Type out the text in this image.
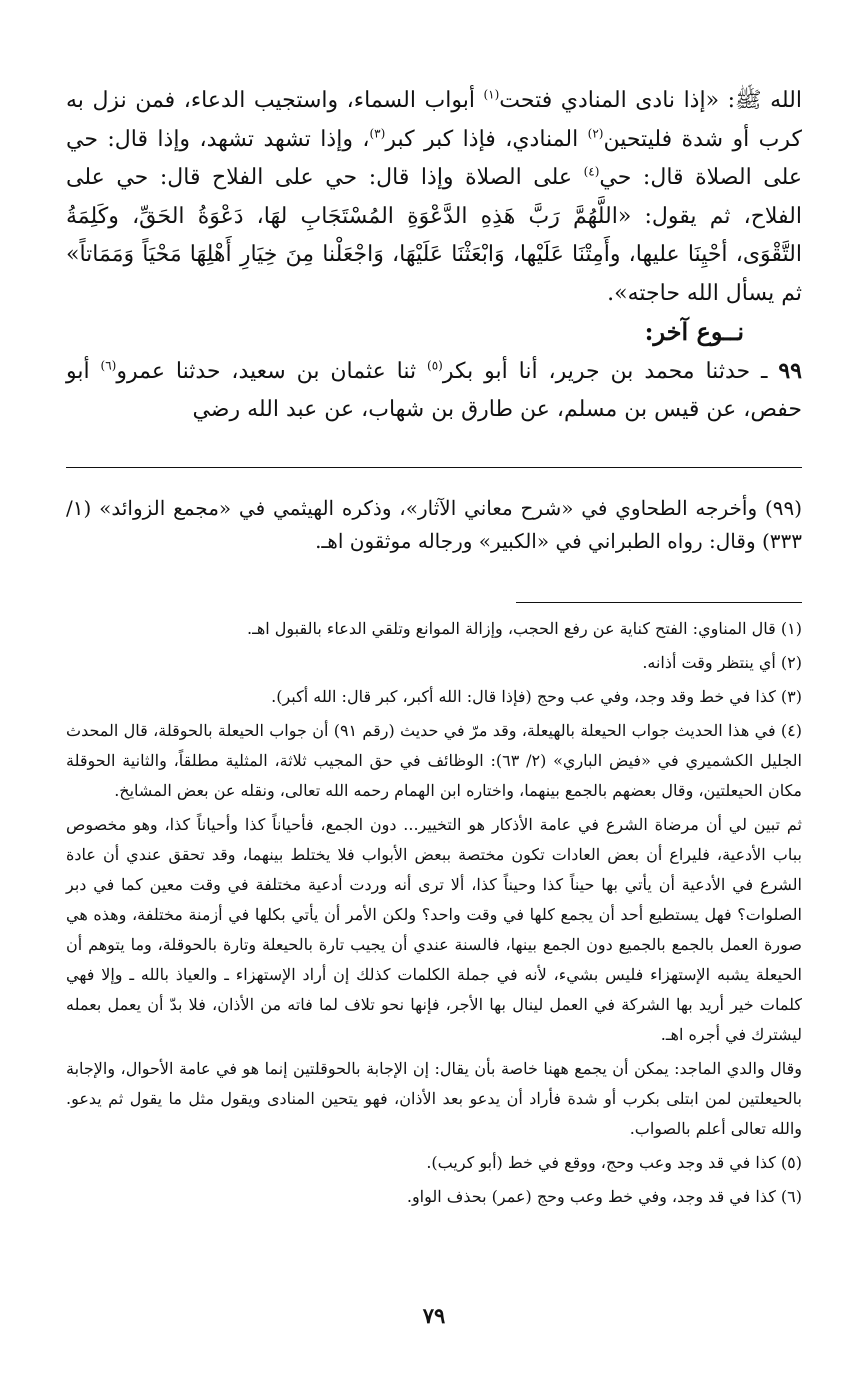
الله ﷺ: «إذا نادى المنادي فتحت$^{(١)}$ أبواب السماء، واستجيب الدعاء، فمن نزل به كرب أو شدة فليتحين$^{(٢)}$ المنادي، فإذا كبر كبر$^{(٣)}$، وإذا تشهد تشهد، وإذا قال: حي على الصلاة قال: حي$^{(٤)}$ على الصلاة وإذا قال: حي على الفلاح قال: حي على الفلاح، ثم يقول: «اللَّهُمَّ رَبَّ هَذِهِ الدَّعْوَةِ المُسْتَجَابِ لهَا، دَعْوَةُ الحَقِّ، وكَلِمَةُ التَّقْوَى، أحْيِنَا عليها، وأَمِتْنَا عَلَيْها، وَابْعَثْنَا عَلَيْهَا، وَاجْعَلْنا مِنَ خِيَارِ أَهْلِهَا مَحْيَاً وَمَمَاتاً» ثم يسأل الله حاجته».

نــوع آخر:

٩٩ ـ حدثنا محمد بن جرير، أنا أبو بكر$^{(٥)}$ ثنا عثمان بن سعيد، حدثنا عمرو$^{(٦)}$ أبو حفص، عن قيس بن مسلم، عن طارق بن شهاب، عن عبد الله رضي

(٩٩) وأخرجه الطحاوي في «شرح معاني الآثار»، وذكره الهيثمي في «مجمع الزوائد» (١/ ٣٣٣) وقال: رواه الطبراني في «الكبير» ورجاله موثقون اهـ.

(١) قال المناوي: الفتح كناية عن رفع الحجب، وإزالة الموانع وتلقي الدعاء بالقبول اهـ.

(٢) أي ينتظر وقت أذانه.

(٣) كذا في خط وقد وجد، وفي عب وحج (فإذا قال: الله أكبر، كبر قال: الله أكبر).

(٤) في هذا الحديث جواب الحيعلة بالهيعلة، وقد مرّ في حديث (رقم ٩١) أن جواب الحيعلة بالحوقلة، قال المحدث الجليل الكشميري في «فيض الباري» (٢/ ٦٣): الوظائف في حق المجيب ثلاثة، المثلية مطلقاً، والثانية الحوقلة مكان الحيعلتين، وقال بعضهم بالجمع بينهما، واختاره ابن الهمام رحمه الله تعالى، ونقله عن بعض المشايخ.

ثم تبين لي أن مرضاة الشرع في عامة الأذكار هو التخيير... دون الجمع، فأحياناً كذا وأحياناً كذا، وهو مخصوص بباب الأدعية، فليراع أن بعض العادات تكون مختصة ببعض الأبواب فلا يختلط بينهما، وقد تحقق عندي أن عادة الشرع في الأدعية أن يأتي بها حيناً كذا وحيناً كذا، ألا ترى أنه وردت أدعية مختلفة في وقت معين كما في دبر الصلوات؟ فهل يستطيع أحد أن يجمع كلها في وقت واحد؟ ولكن الأمر أن يأتي بكلها في أزمنة مختلفة، وهذه هي صورة العمل بالجمع بالجميع دون الجمع بينها، فالسنة عندي أن يجيب تارة بالحيعلة وتارة بالحوقلة، وما يتوهم أن الحيعلة يشبه الإستهزاء فليس بشيء، لأنه في جملة الكلمات كذلك إن أراد الإستهزاء ـ والعياذ بالله ـ وإلا فهي كلمات خير أريد بها الشركة في العمل لينال بها الأجر، فإنها نحو تلاف لما فاته من الأذان، فلا بدّ أن يعمل بعمله ليشترك في أجره اهـ.

وقال والدي الماجد: يمكن أن يجمع ههنا خاصة بأن يقال: إن الإجابة بالحوقلتين إنما هو في عامة الأحوال، والإجابة بالحيعلتين لمن ابتلى بكرب أو شدة فأراد أن يدعو بعد الأذان، فهو يتحين المنادى ويقول مثل ما يقول ثم يدعو. والله تعالى أعلم بالصواب.

(٥) كذا في قد وجد وعب وحج، ووقع في خط (أبو كريب).

(٦) كذا في قد وجد، وفي خط وعب وحج (عمر) بحذف الواو.

٧٩
